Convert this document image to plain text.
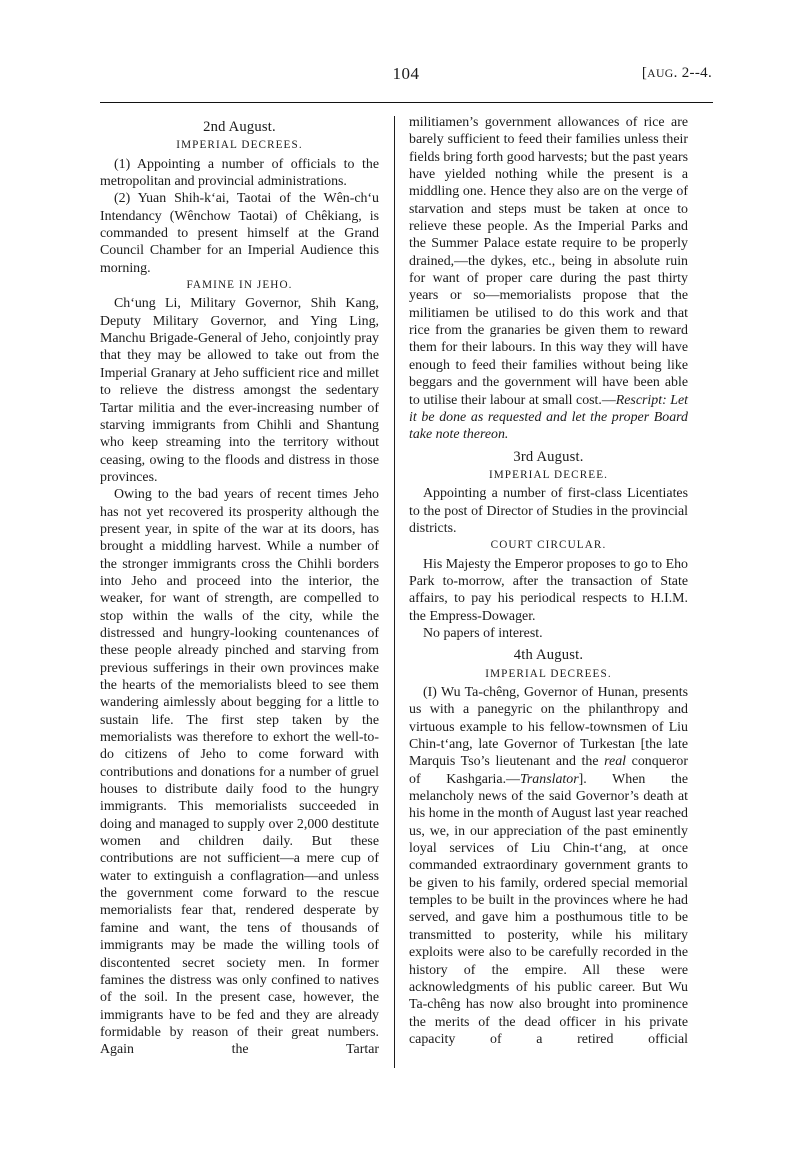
104	[AUG. 2--4.
2nd August.
IMPERIAL DECREES.

(1) Appointing a number of officials to the metropolitan and provincial administrations.

(2) Yuan Shih-k‘ai, Taotai of the Wên-ch‘u Intendancy (Wênchow Taotai) of Chêkiang, is commanded to present himself at the Grand Council Chamber for an Imperial Audience this morning.

FAMINE IN JEHO.

Ch‘ung Li, Military Governor, Shih Kang, Deputy Military Governor, and Ying Ling, Manchu Brigade-General of Jeho, conjointly pray that they may be allowed to take out from the Imperial Granary at Jeho sufficient rice and millet to relieve the distress amongst the sedentary Tartar militia and the ever-increasing number of starving immigrants from Chihli and Shantung who keep streaming into the territory without ceasing, owing to the floods and distress in those provinces.

Owing to the bad years of recent times Jeho has not yet recovered its prosperity although the present year, in spite of the war at its doors, has brought a middling harvest. While a number of the stronger immigrants cross the Chihli borders into Jeho and proceed into the interior, the weaker, for want of strength, are compelled to stop within the walls of the city, while the distressed and hungry-looking countenances of these people already pinched and starving from previous sufferings in their own provinces make the hearts of the memorialists bleed to see them wandering aimlessly about begging for a little to sustain life. The first step taken by the memorialists was therefore to exhort the well-to-do citizens of Jeho to come forward with contributions and donations for a number of gruel houses to distribute daily food to the hungry immigrants. This memorialists succeeded in doing and managed to supply over 2,000 destitute women and children daily. But these contributions are not sufficient—a mere cup of water to extinguish a conflagration—and unless the government come forward to the rescue memorialists fear that, rendered desperate by famine and want, the tens of thousands of immigrants may be made the willing tools of discontented secret society men. In former famines the distress was only confined to natives of the soil. In the present case, however, the immigrants have to be fed and they are already formidable by reason of their great numbers. Again the Tartar

militiamen’s government allowances of rice are barely sufficient to feed their families unless their fields bring forth good harvests; but the past years have yielded nothing while the present is a middling one. Hence they also are on the verge of starvation and steps must be taken at once to relieve these people. As the Imperial Parks and the Summer Palace estate require to be properly drained,—the dykes, etc., being in absolute ruin for want of proper care during the past thirty years or so—memorialists propose that the militiamen be utilised to do this work and that rice from the granaries be given them to reward them for their labours. In this way they will have enough to feed their families without being like beggars and the government will have been able to utilise their labour at small cost.—Rescript: Let it be done as requested and let the proper Board take note thereon.

3rd August.
IMPERIAL DECREE.

Appointing a number of first-class Licentiates to the post of Director of Studies in the provincial districts.

COURT CIRCULAR.

His Majesty the Emperor proposes to go to Eho Park to-morrow, after the transaction of State affairs, to pay his periodical respects to H.I.M. the Empress-Dowager.

No papers of interest.

4th August.
IMPERIAL DECREES.

(I) Wu Ta-chêng, Governor of Hunan, presents us with a panegyric on the philanthropy and virtuous example to his fellow-townsmen of Liu Chin-t‘ang, late Governor of Turkestan [the late Marquis Tso’s lieutenant and the real conqueror of Kashgaria.—Translator]. When the melancholy news of the said Governor’s death at his home in the month of August last year reached us, we, in our appreciation of the past eminently loyal services of Liu Chin-t‘ang, at once commanded extraordinary government grants to be given to his family, ordered special memorial temples to be built in the provinces where he had served, and gave him a posthumous title to be transmitted to posterity, while his military exploits were also to be carefully recorded in the history of the empire. All these were acknowledgments of his public career. But Wu Ta-chêng has now also brought into prominence the merits of the dead officer in his private capacity of a retired official
